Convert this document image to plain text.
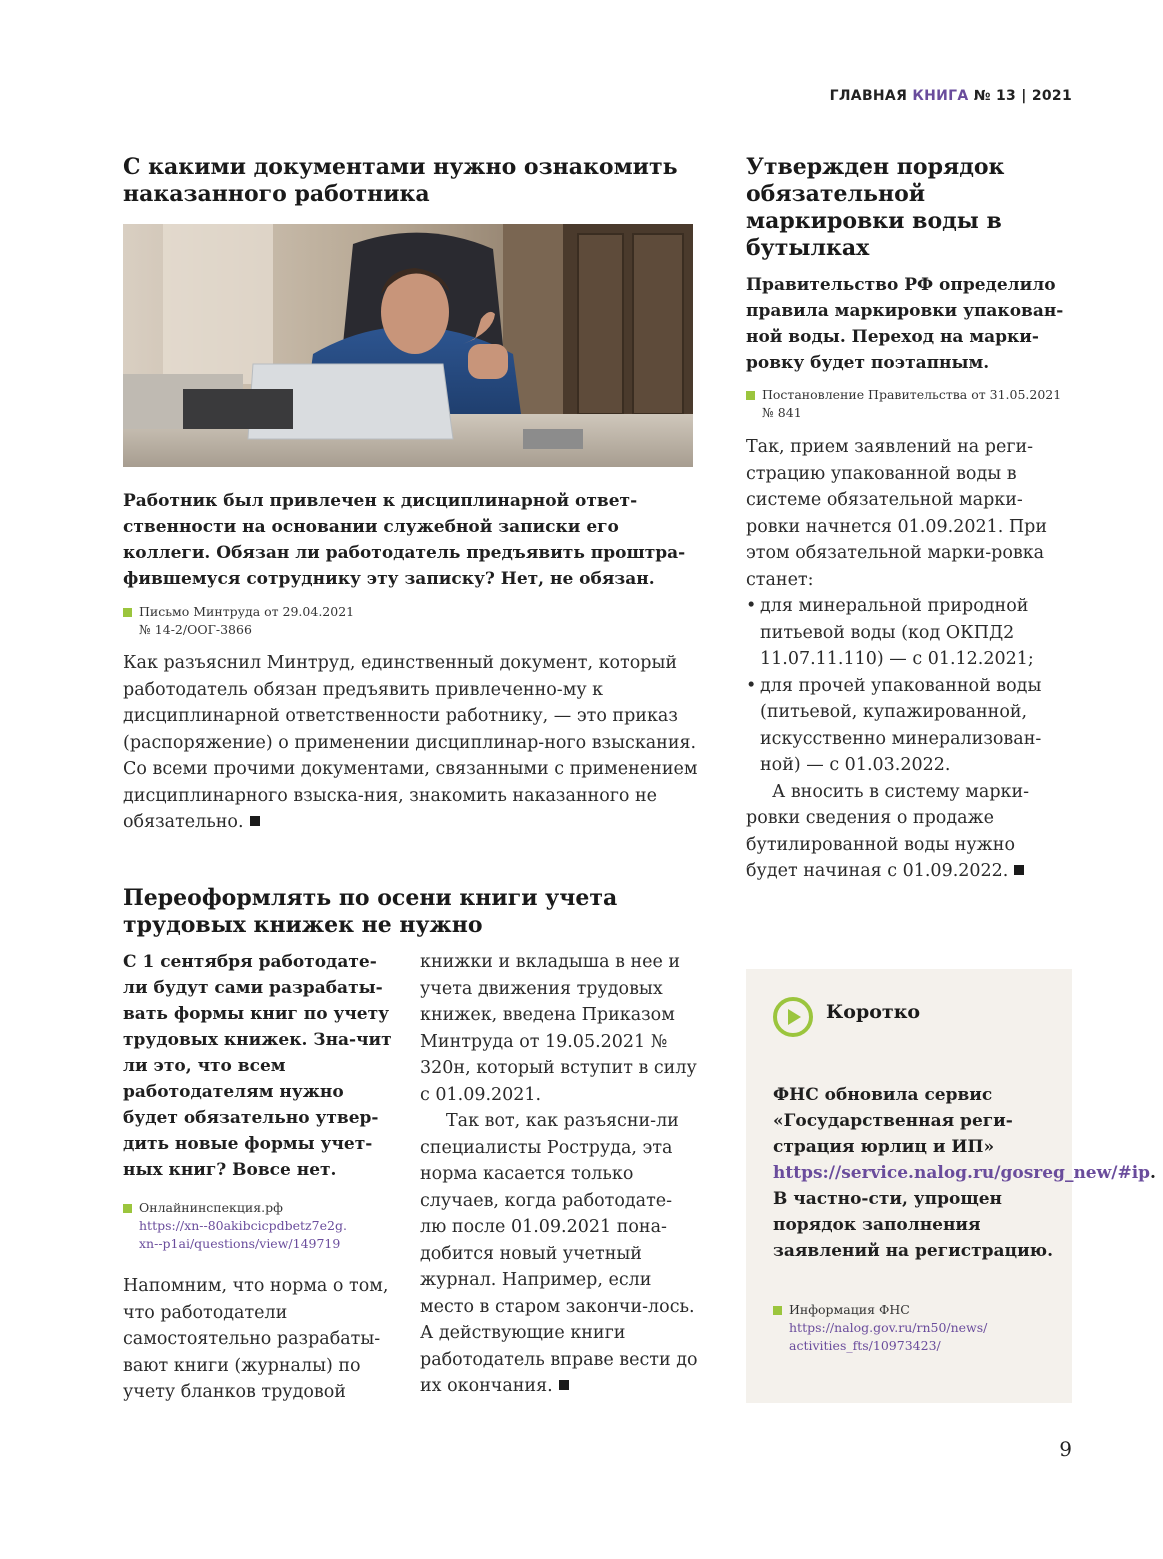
ГЛАВНАЯ КНИГА № 13 | 2021
С какими документами нужно ознакомить наказанного работника
Работник был привлечен к дисциплинарной ответ-ственности на основании служебной записки его коллеги. Обязан ли работодатель предъявить проштра-фившемуся сотруднику эту записку? Нет, не обязан.
Письмо Минтруда от 29.04.2021
№ 14-2/ООГ-3866

Как разъяснил Минтруд, единственный документ, который работодатель обязан предъявить привлеченно-му к дисциплинарной ответственности работнику, — это приказ (распоряжение) о применении дисциплинар-ного взыскания. Со всеми прочими документами, связанными с применением дисциплинарного взыска-ния, знакомить наказанного не обязательно.

Переоформлять по осени книги учета трудовых книжек не нужно
С 1 сентября работодате-ли будут сами разрабаты-вать формы книг по учету трудовых книжек. Зна-чит ли это, что всем работодателям нужно будет обязательно утвер-дить новые формы учет-ных книг? Вовсе нет.
Онлайнинспекция.рф
https://xn--80akibcicpdbetz7e2g.
xn--p1ai/questions/view/149719

Напомним, что норма о том, что работодатели самостоятельно разрабаты-вают книги (журналы) по учету бланков трудовой

книжки и вкладыша в нее и учета движения трудовых книжек, введена Приказом Минтруда от 19.05.2021 № 320н, который вступит в силу с 01.09.2021.

Так вот, как разъясни-ли специалисты Роструда, эта норма касается только случаев, когда работодате-лю после 01.09.2021 пона-добится новый учетный журнал. Например, если место в старом закончи-лось. А действующие книги работодатель вправе вести до их окончания.

Утвержден порядок обязательной маркировки воды в бутылках
Правительство РФ определило правила маркировки упакован-ной воды. Переход на марки-ровку будет поэтапным.
Постановление Правительства от 31.05.2021
№ 841

Так, прием заявлений на реги-страцию упакованной воды в системе обязательной марки-ровки начнется 01.09.2021. При этом обязательной марки-ровка станет:

• для минеральной природной питьевой воды (код ОКПД2 11.07.11.110) — с 01.12.2021;
• для прочей упакованной воды (питьевой, купажированной, искусственно минерализован-ной) — с 01.03.2022.

А вносить в систему марки-ровки сведения о продаже бутилированной воды нужно будет начиная с 01.09.2022.

Коротко
ФНС обновила сервис «Государственная реги-страция юрлиц и ИП» https://service.nalog.ru/gosreg_new/#ip. В частно-сти, упрощен порядок заполнения заявлений на регистрацию.
Информация ФНС
https://nalog.gov.ru/rn50/news/
activities_fts/10973423/
9
